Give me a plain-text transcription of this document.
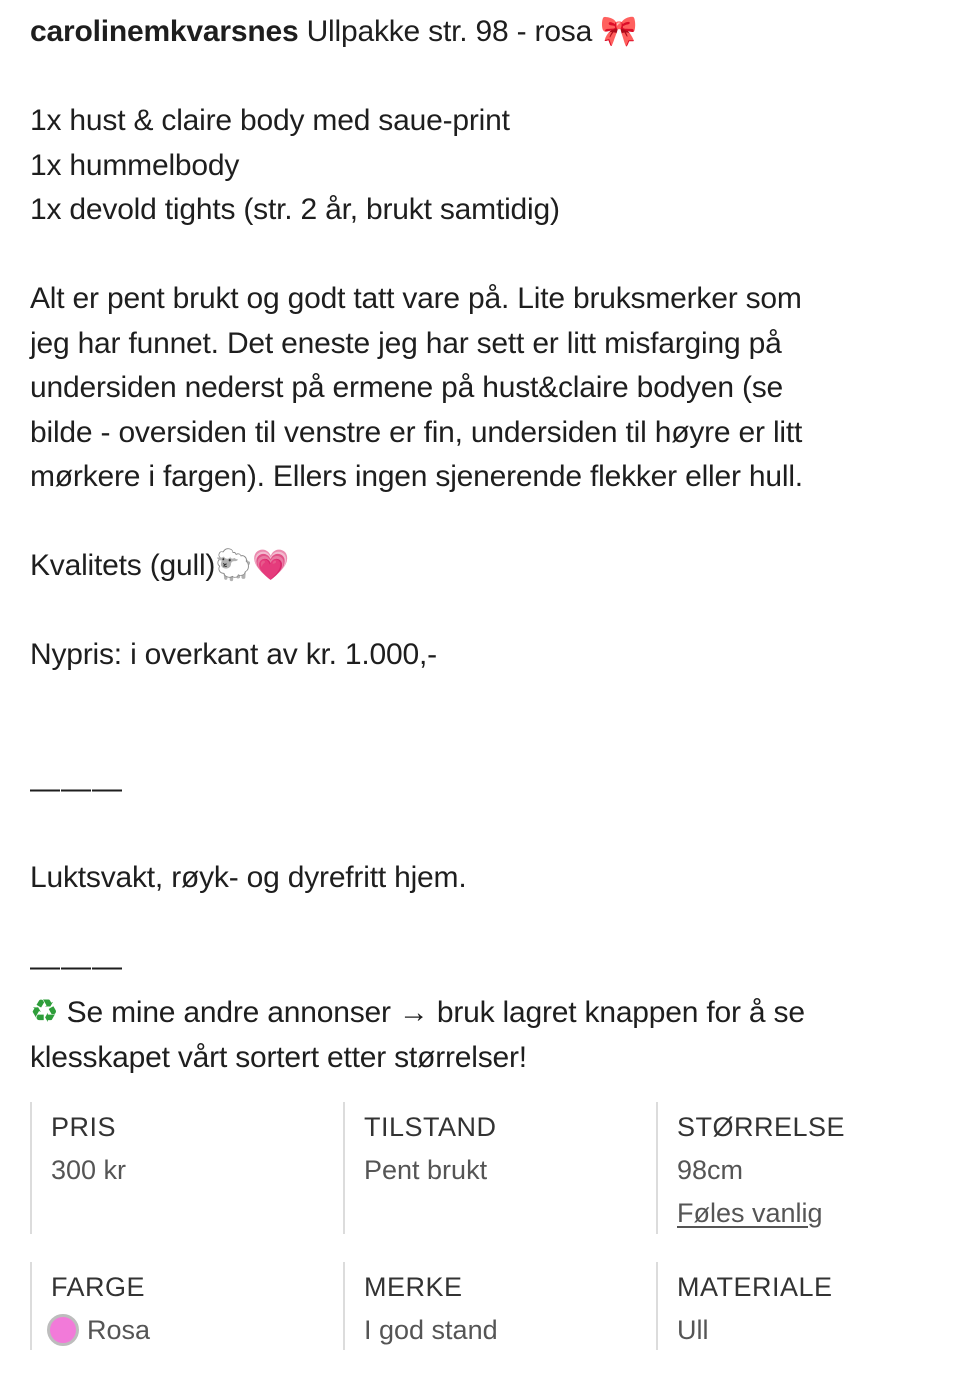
carolinemkvarsnes Ullpakke str. 98 - rosa 🎀
1x hust & claire body med saue-print
1x hummelbody
1x devold tights (str. 2 år, brukt samtidig)
Alt er pent brukt og godt tatt vare på. Lite bruksmerker som
jeg har funnet. Det eneste jeg har sett er litt misfarging på
undersiden nederst på ermene på hust&claire bodyen (se
bilde - oversiden til venstre er fin, undersiden til høyre er litt
mørkere i fargen). Ellers ingen sjenerende flekker eller hull.
Kvalitets (gull)🐑💗
Nypris: i overkant av kr. 1.000,-
———
Luktsvakt, røyk- og dyrefritt hjem.
———
♻ Se mine andre annonser → bruk lagret knappen for å se
klesskapet vårt sortert etter størrelser!
PRIS
300 kr
TILSTAND
Pent brukt
STØRRELSE
98cm
Føles vanlig
FARGE
Rosa
MERKE
I god stand
MATERIALE
Ull
